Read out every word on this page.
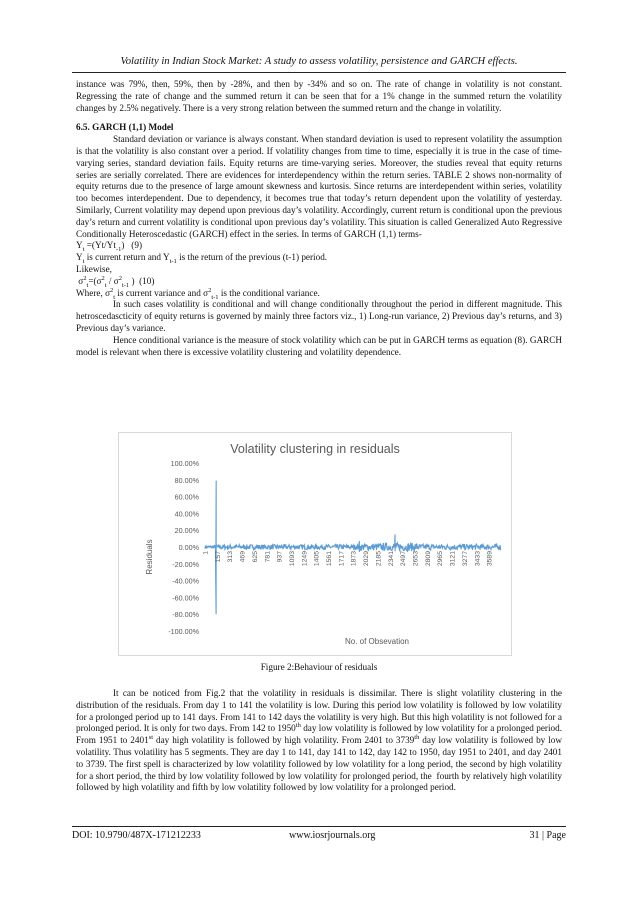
Volatility in Indian Stock Market: A study to assess volatility, persistence and GARCH effects.

instance was 79%, then, 59%, then by -28%, and then by -34% and so on. The rate of change in volatility is not constant. Regressing the rate of change and the summed return it can be seen that for a 1% change in the summed return the volatility changes by 2.5% negatively. There is a very strong relation between the summed return and the change in volatility.

6.5. GARCH (1,1) Model

Standard deviation or variance is always constant. When standard deviation is used to represent volatility the assumption is that the volatility is also constant over a period. If volatility changes from time to time, especially it is true in the case of time-varying series, standard deviation fails. Equity returns are time-varying series. Moreover, the studies reveal that equity returns series are serially correlated. There are evidences for interdependency within the return series. TABLE 2 shows non-normality of equity returns due to the presence of large amount skewness and kurtosis. Since returns are interdependent within series, volatility too becomes interdependent. Due to dependency, it becomes true that today’s return dependent upon the volatility of yesterday. Similarly, Current volatility may depend upon previous day’s volatility. Accordingly, current return is conditional upon the previous day’s return and current volatility is conditional upon previous day’s volatility. This situation is called Generalized Auto Regressive Conditionally Heteroscedastic (GARCH) effect in the series. In terms of GARCH (1,1) terms-

$Y_t =(Yt/Yt_{-1})$   (9)

$Y_t$ is current return and $Y_{t-1}$ is the return of the previous (t-1) period.

Likewise,

$\sigma^2_t=(\sigma^2_t / \sigma^2_{t-1}$ )  (10)

Where, $\sigma^2_t$ is current variance and $\sigma^2_{t-1}$ is the conditional variance.

In such cases volatility is conditional and will change conditionally throughout the period in different magnitude. This hetroscedascticity of equity returns is governed by mainly three factors viz., 1) Long-run variance, 2) Previous day’s returns, and 3) Previous day’s variance.

Hence conditional variance is the measure of stock volatility which can be put in GARCH terms as equation (8). GARCH model is relevant when there is excessive volatility clustering and volatility dependence.

Volatility clustering in residuals
100.00%
80.00%
60.00%
40.00%
20.00%
0.00%
-20.00%
-40.00%
-60.00%
-80.00%
-100.00%
Residuals	1 157 313 469 625 781 937 1093 1249 1405 1561 1717 1873 2029 2185 2341 2497 2653 2809 2965 3121 3277 3433 3589
No. of Obsevation
Figure 2:Behaviour of residuals

It can be noticed from Fig.2 that the volatility in residuals is dissimilar. There is slight volatility clustering in the distribution of the residuals. From day 1 to 141 the volatility is low. During this period low volatility is followed by low volatility for a prolonged period up to 141 days. From 141 to 142 days the volatility is very high. But this high volatility is not followed for a prolonged period. It is only for two days. From 142 to 1950th day low volatility is followed by low volatility for a prolonged period. From 1951 to 2401st day high volatility is followed by high volatility. From 2401 to 3739th day low volatility is followed by low volatility. Thus volatility has 5 segments. They are day 1 to 141, day 141 to 142, day 142 to 1950, day 1951 to 2401, and day 2401 to 3739. The first spell is characterized by low volatility followed by low volatility for a long period, the second by high volatility for a short period, the third by low volatility followed by low volatility for prolonged period, the  fourth by relatively high volatility followed by high volatility and fifth by low volatility followed by low volatility for a prolonged period.

DOI: 10.9790/487X-171212233	www.iosrjournals.org	31 | Page
